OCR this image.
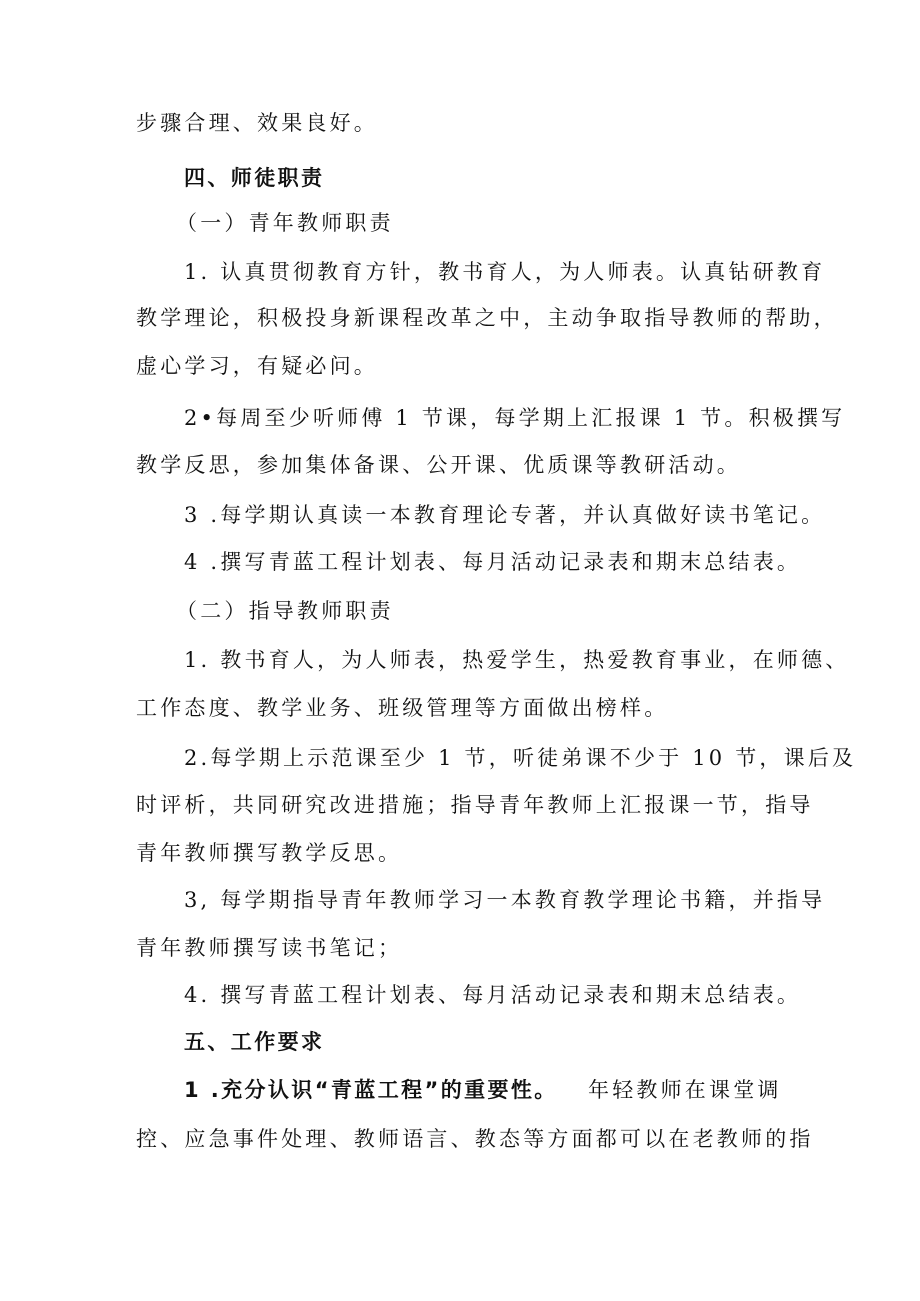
步骤合理、效果良好。
四、师徒职责
（一）青年教师职责
1. 认真贯彻教育方针，教书育人，为人师表。认真钻研教育
教学理论，积极投身新课程改革之中，主动争取指导教师的帮助，
虚心学习，有疑必问。
2•每周至少听师傅 1 节课，每学期上汇报课 1 节。积极撰写
教学反思，参加集体备课、公开课、优质课等教研活动。
3 .每学期认真读一本教育理论专著，并认真做好读书笔记。
4 .撰写青蓝工程计划表、每月活动记录表和期末总结表。
（二）指导教师职责
1. 教书育人，为人师表，热爱学生，热爱教育事业，在师德、
工作态度、教学业务、班级管理等方面做出榜样。
2.每学期上示范课至少 1 节，听徒弟课不少于 10 节，课后及
时评析，共同研究改进措施；指导青年教师上汇报课一节，指导
青年教师撰写教学反思。
3, 每学期指导青年教师学习一本教育教学理论书籍，并指导
青年教师撰写读书笔记；
4. 撰写青蓝工程计划表、每月活动记录表和期末总结表。
五、工作要求
1 .充分认识“青蓝工程”的重要性。 年轻教师在课堂调
控、应急事件处理、教师语言、教态等方面都可以在老教师的指
